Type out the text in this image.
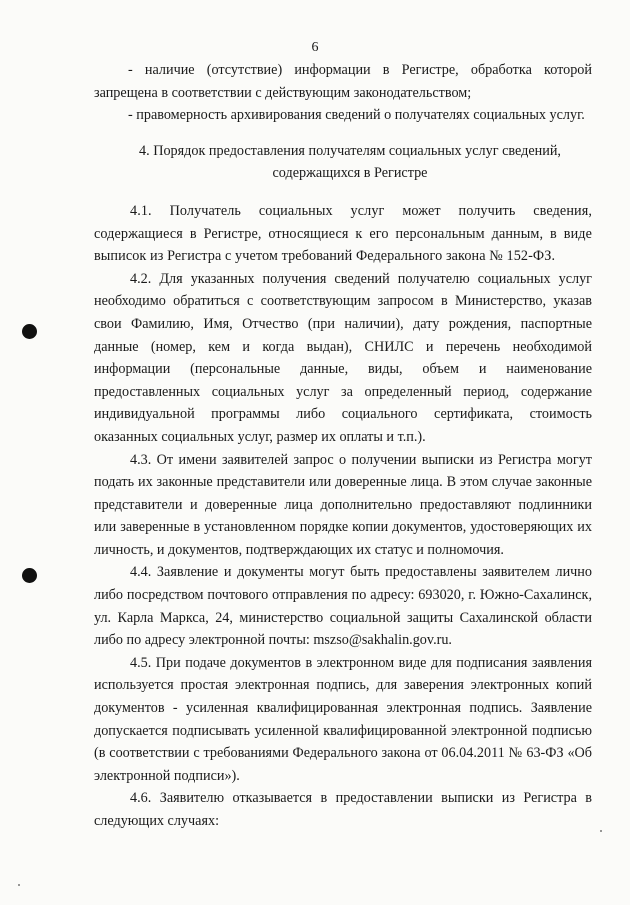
6

- наличие (отсутствие) информации в Регистре, обработка которой запрещена в соответствии с действующим законодательством;

- правомерность архивирования сведений о получателях социальных услуг.

4. Порядок предоставления получателям социальных услуг сведений,
содержащихся в Регистре

4.1. Получатель социальных услуг может получить сведения, содержащиеся в Регистре, относящиеся к его персональным данным, в виде выписок из Регистра с учетом требований Федерального закона № 152-ФЗ.

4.2. Для указанных получения сведений получателю социальных услуг необходимо обратиться с соответствующим запросом в Министерство, указав свои Фамилию, Имя, Отчество (при наличии), дату рождения, паспортные данные (номер, кем и когда выдан), СНИЛС и перечень необходимой информации (персональные данные, виды, объем и наименование предоставленных социальных услуг за определенный период, содержание индивидуальной программы либо социального сертификата, стоимость оказанных социальных услуг, размер их оплаты и т.п.).

4.3. От имени заявителей запрос о получении выписки из Регистра могут подать их законные представители или доверенные лица. В этом случае законные представители и доверенные лица дополнительно предоставляют подлинники или заверенные в установленном порядке копии документов, удостоверяющих их личность, и документов, подтверждающих их статус и полномочия.

4.4. Заявление и документы могут быть предоставлены заявителем лично либо посредством почтового отправления по адресу: 693020, г. Южно-Сахалинск, ул. Карла Маркса, 24, министерство социальной защиты Сахалинской области либо по адресу электронной почты: mszso@sakhalin.gov.ru.

4.5. При подаче документов в электронном виде для подписания заявления используется простая электронная подпись, для заверения электронных копий документов - усиленная квалифицированная электронная подпись. Заявление допускается подписывать усиленной квалифицированной электронной подписью (в соответствии с требованиями Федерального закона от 06.04.2011 № 63-ФЗ «Об электронной подписи»).

4.6. Заявителю отказывается в предоставлении выписки из Регистра в следующих случаях:
